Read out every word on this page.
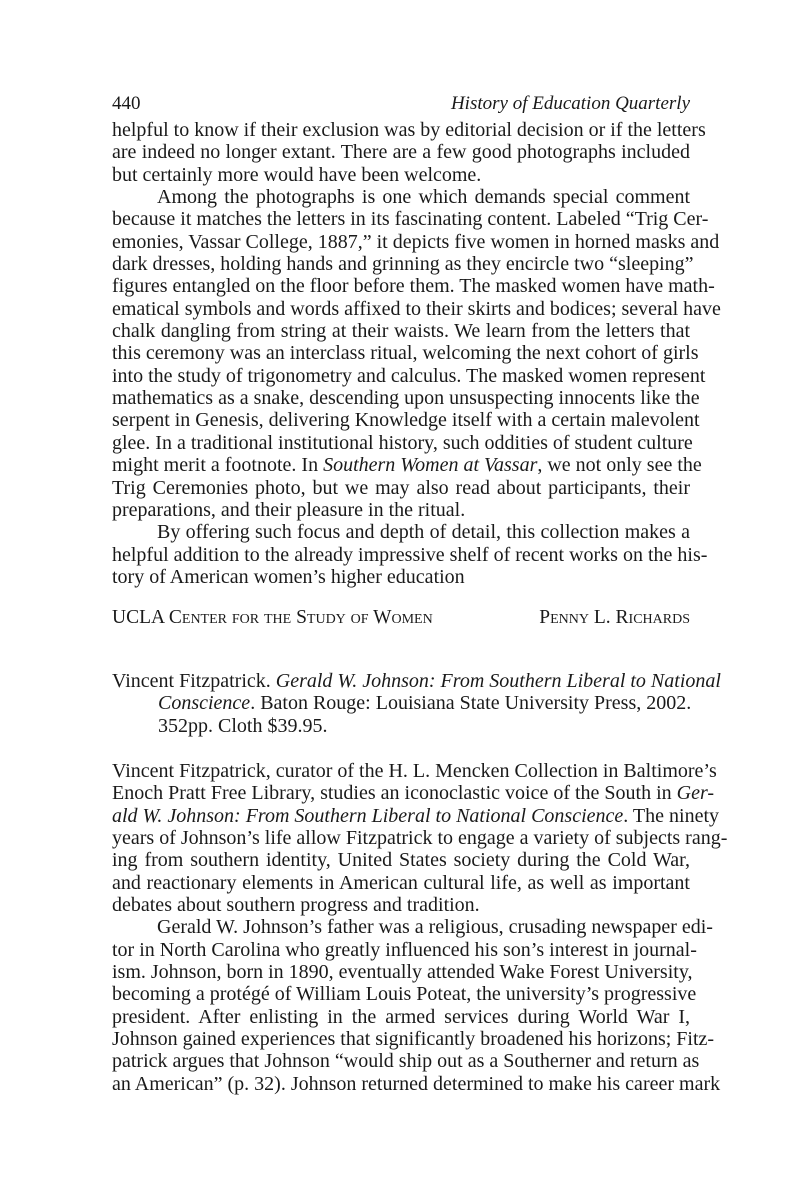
440	History of Education Quarterly
helpful to know if their exclusion was by editorial decision or if the letters
are indeed no longer extant. There are a few good photographs included
but certainly more would have been welcome.
Among the photographs is one which demands special comment
because it matches the letters in its fascinating content. Labeled “Trig Cer-
emonies, Vassar College, 1887,” it depicts five women in horned masks and
dark dresses, holding hands and grinning as they encircle two “sleeping”
figures entangled on the floor before them. The masked women have math-
ematical symbols and words affixed to their skirts and bodices; several have
chalk dangling from string at their waists. We learn from the letters that
this ceremony was an interclass ritual, welcoming the next cohort of girls
into the study of trigonometry and calculus. The masked women represent
mathematics as a snake, descending upon unsuspecting innocents like the
serpent in Genesis, delivering Knowledge itself with a certain malevolent
glee. In a traditional institutional history, such oddities of student culture
might merit a footnote. In Southern Women at Vassar, we not only see the
Trig Ceremonies photo, but we may also read about participants, their
preparations, and their pleasure in the ritual.
By offering such focus and depth of detail, this collection makes a
helpful addition to the already impressive shelf of recent works on the his-
tory of American women’s higher education
UCLA Center for the Study of Women	Penny L. Richards
Vincent Fitzpatrick. Gerald W. Johnson: From Southern Liberal to National
Conscience. Baton Rouge: Louisiana State University Press, 2002.
352pp. Cloth $39.95.
Vincent Fitzpatrick, curator of the H. L. Mencken Collection in Baltimore’s
Enoch Pratt Free Library, studies an iconoclastic voice of the South in Ger-
ald W. Johnson: From Southern Liberal to National Conscience. The ninety
years of Johnson’s life allow Fitzpatrick to engage a variety of subjects rang-
ing from southern identity, United States society during the Cold War,
and reactionary elements in American cultural life, as well as important
debates about southern progress and tradition.
Gerald W. Johnson’s father was a religious, crusading newspaper edi-
tor in North Carolina who greatly influenced his son’s interest in journal-
ism. Johnson, born in 1890, eventually attended Wake Forest University,
becoming a protégé of William Louis Poteat, the university’s progressive
president. After enlisting in the armed services during World War I,
Johnson gained experiences that significantly broadened his horizons; Fitz-
patrick argues that Johnson “would ship out as a Southerner and return as
an American” (p. 32). Johnson returned determined to make his career mark
